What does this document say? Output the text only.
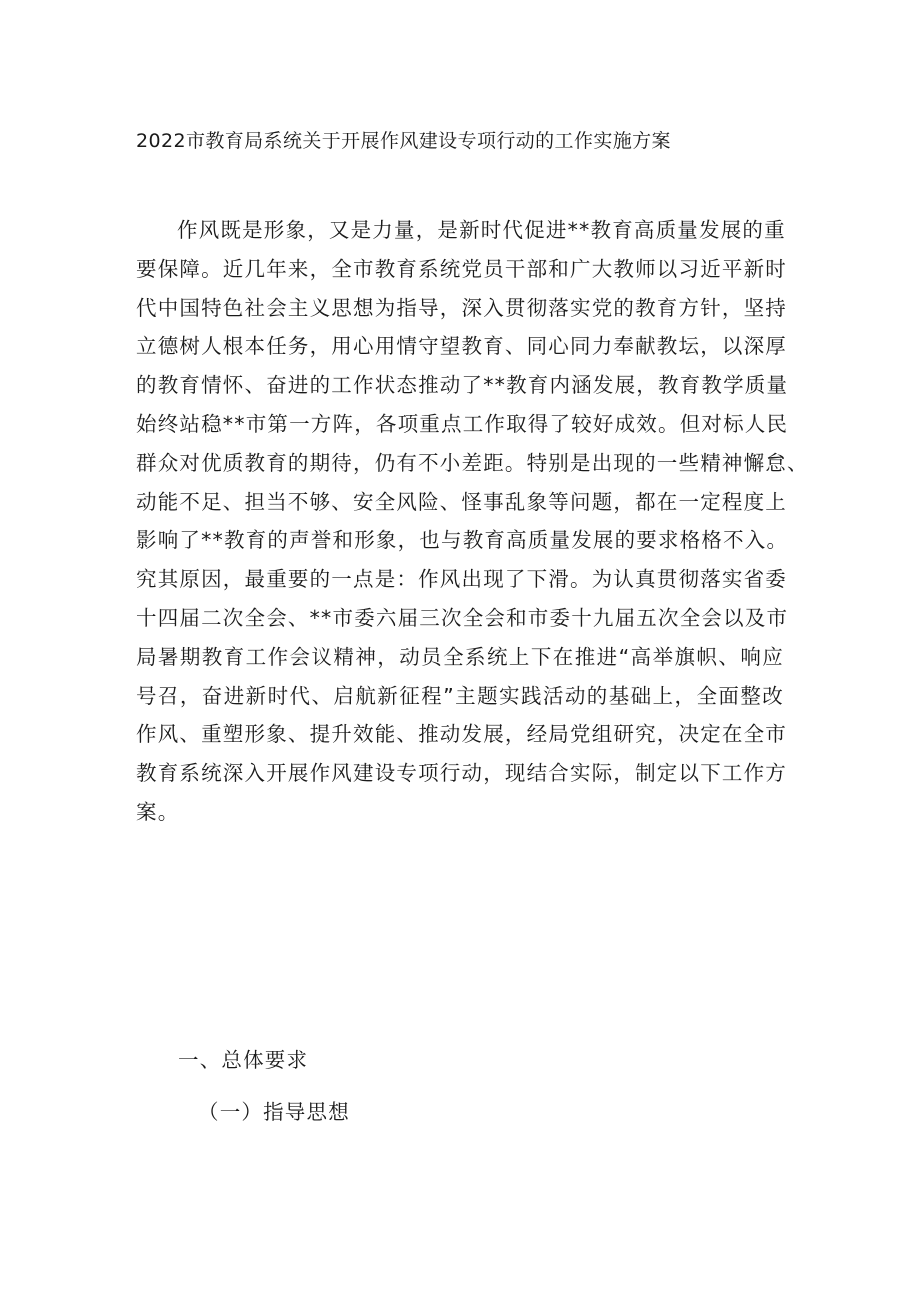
2022市教育局系统关于开展作风建设专项行动的工作实施方案
作风既是形象，又是力量，是新时代促进**教育高质量发展的重
要保障。近几年来，全市教育系统党员干部和广大教师以习近平新时
代中国特色社会主义思想为指导，深入贯彻落实党的教育方针，坚持
立德树人根本任务，用心用情守望教育、同心同力奉献教坛，以深厚
的教育情怀、奋进的工作状态推动了**教育内涵发展，教育教学质量
始终站稳**市第一方阵，各项重点工作取得了较好成效。但对标人民
群众对优质教育的期待，仍有不小差距。特别是出现的一些精神懈怠、
动能不足、担当不够、安全风险、怪事乱象等问题，都在一定程度上
影响了**教育的声誉和形象，也与教育高质量发展的要求格格不入。
究其原因，最重要的一点是：作风出现了下滑。为认真贯彻落实省委
十四届二次全会、**市委六届三次全会和市委十九届五次全会以及市
局暑期教育工作会议精神，动员全系统上下在推进“高举旗帜、响应
号召，奋进新时代、启航新征程”主题实践活动的基础上，全面整改
作风、重塑形象、提升效能、推动发展，经局党组研究，决定在全市
教育系统深入开展作风建设专项行动，现结合实际，制定以下工作方
案。
一、总体要求
（一）指导思想
